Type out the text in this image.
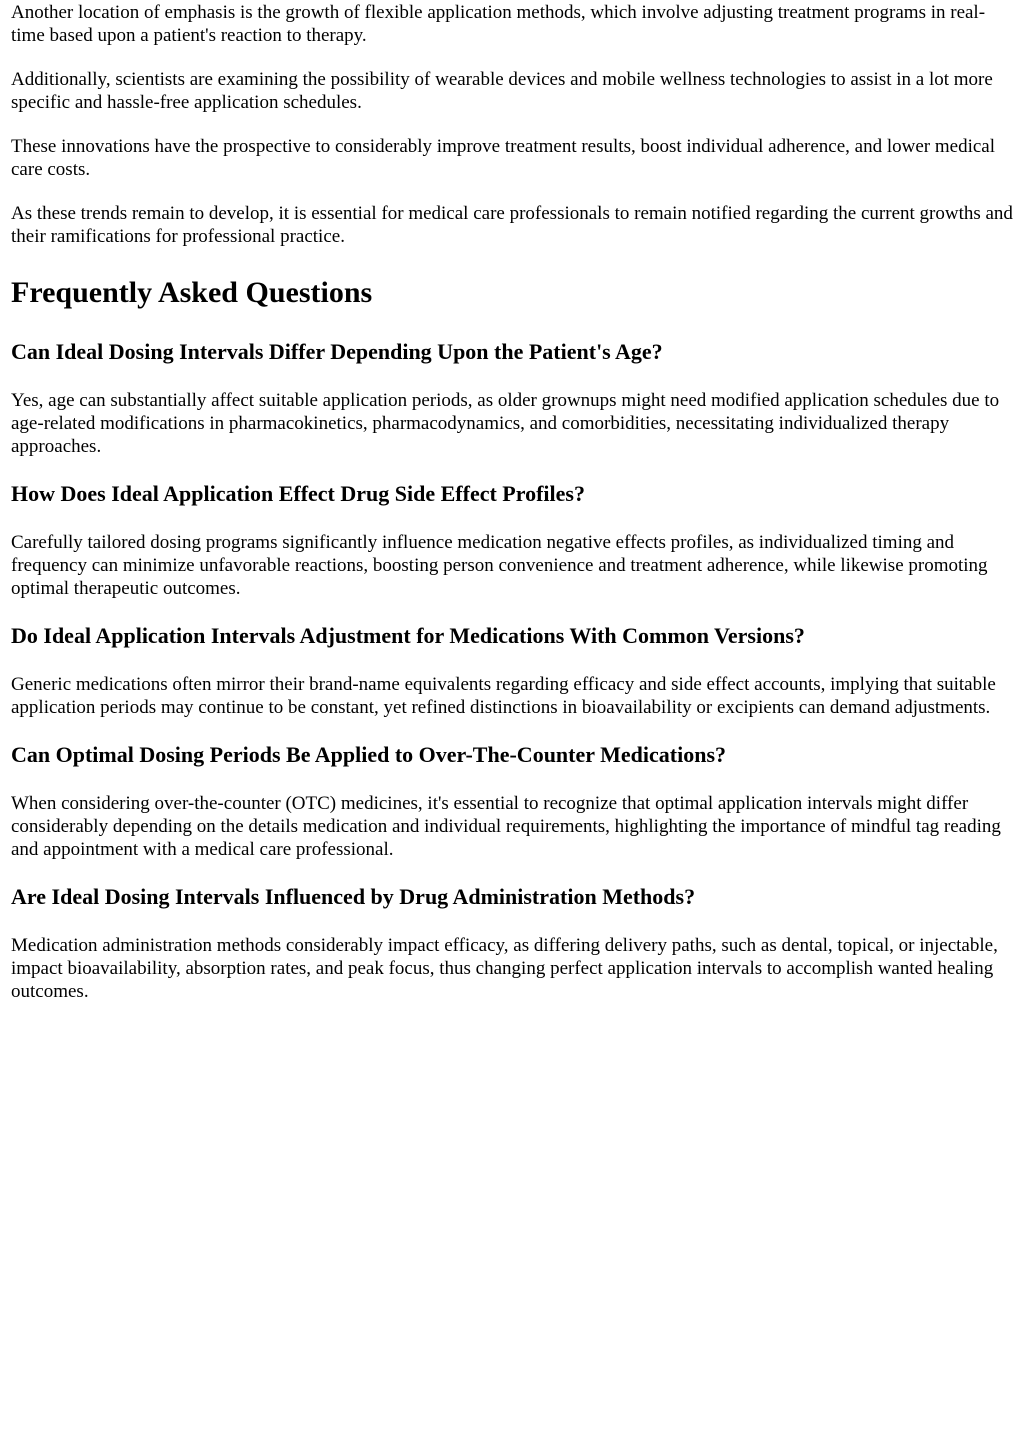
Another location of emphasis is the growth of flexible application methods, which involve adjusting treatment programs in real-time based upon a patient's reaction to therapy.

Additionally, scientists are examining the possibility of wearable devices and mobile wellness technologies to assist in a lot more specific and hassle-free application schedules.

These innovations have the prospective to considerably improve treatment results, boost individual adherence, and lower medical care costs.

As these trends remain to develop, it is essential for medical care professionals to remain notified regarding the current growths and their ramifications for professional practice.

Frequently Asked Questions
Can Ideal Dosing Intervals Differ Depending Upon the Patient's Age?

Yes, age can substantially affect suitable application periods, as older grownups might need modified application schedules due to age-related modifications in pharmacokinetics, pharmacodynamics, and comorbidities, necessitating individualized therapy approaches.

How Does Ideal Application Effect Drug Side Effect Profiles?

Carefully tailored dosing programs significantly influence medication negative effects profiles, as individualized timing and frequency can minimize unfavorable reactions, boosting person convenience and treatment adherence, while likewise promoting optimal therapeutic outcomes.

Do Ideal Application Intervals Adjustment for Medications With Common Versions?

Generic medications often mirror their brand-name equivalents regarding efficacy and side effect accounts, implying that suitable application periods may continue to be constant, yet refined distinctions in bioavailability or excipients can demand adjustments.

Can Optimal Dosing Periods Be Applied to Over-The-Counter Medications?

When considering over-the-counter (OTC) medicines, it's essential to recognize that optimal application intervals might differ considerably depending on the details medication and individual requirements, highlighting the importance of mindful tag reading and appointment with a medical care professional.

Are Ideal Dosing Intervals Influenced by Drug Administration Methods?

Medication administration methods considerably impact efficacy, as differing delivery paths, such as dental, topical, or injectable, impact bioavailability, absorption rates, and peak focus, thus changing perfect application intervals to accomplish wanted healing outcomes.
